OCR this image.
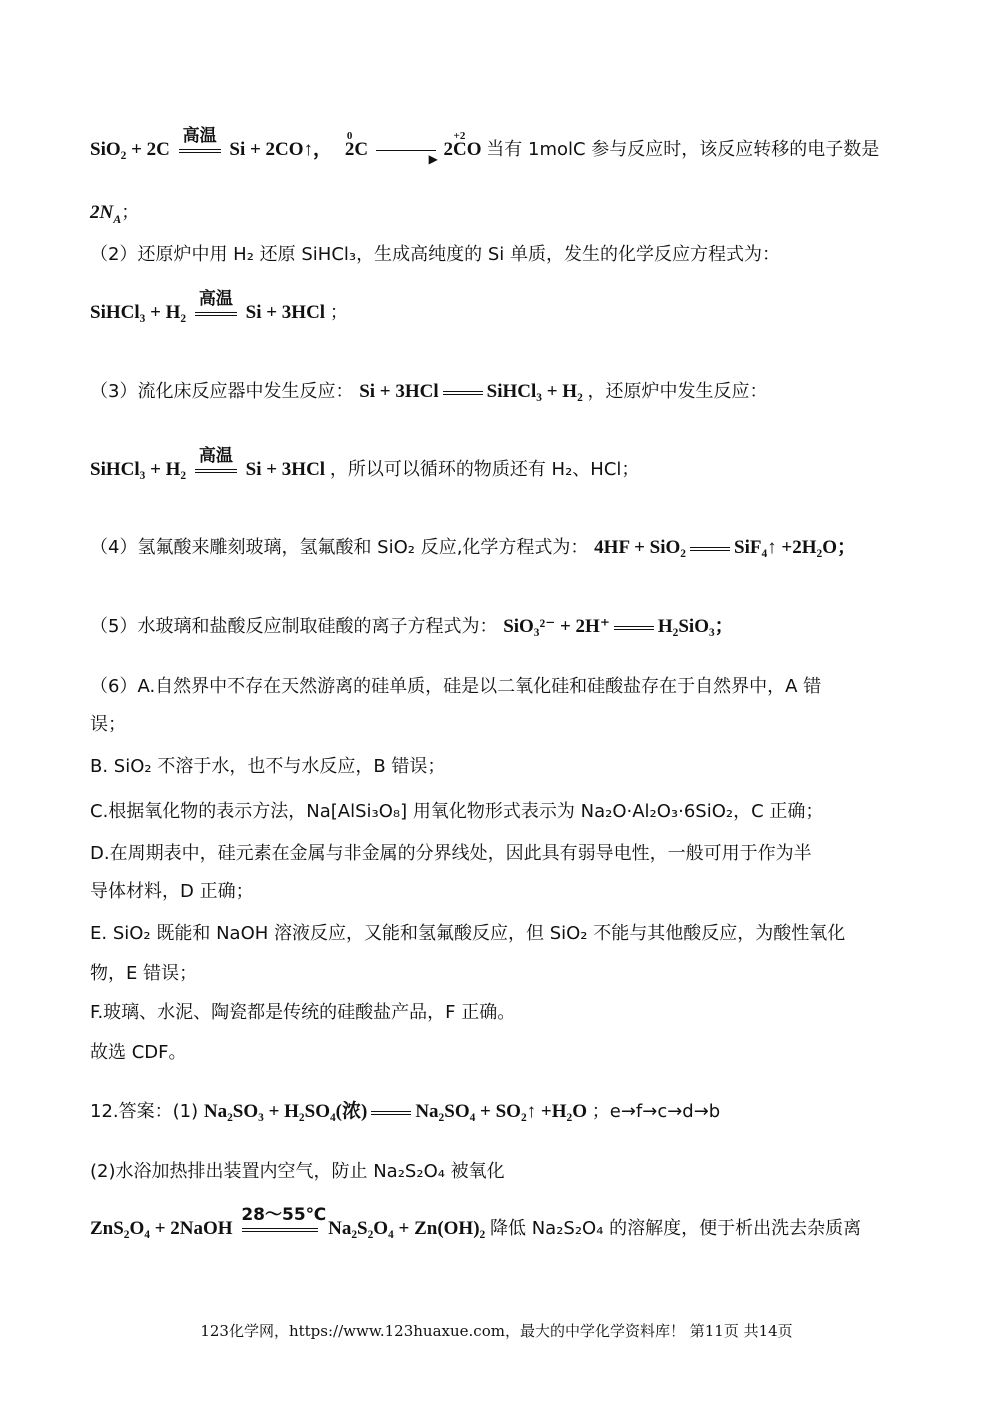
SiO₂ + 2C
高温
Si + 2CO↑，
0
2C	▶

+2
2CO 当有 1molC 参与反应时，该反应转移的电子数是
$2N_A$；
（2）还原炉中用 H₂ 还原 SiHCl₃，生成高纯度的 Si 单质，发生的化学反应方程式为：
SiHCl₃ + H₂
高温
Si + 3HCl ；
（3）流化床反应器中发生反应： Si + 3HCl	SiHCl₃ + H₂ ，还原炉中发生反应：
SiHCl₃ + H₂
高温
Si + 3HCl ，所以可以循环的物质还有 H₂、HCl；
（4）氢氟酸来雕刻玻璃，氢氟酸和 SiO₂ 反应,化学方程式为： 4HF + SiO₂	SiF₄↑ +2H₂O；
（5）水玻璃和盐酸反应制取硅酸的离子方程式为： SiO₃²⁻ + 2H⁺	H₂SiO₃；
（6）A.自然界中不存在天然游离的硅单质，硅是以二氧化硅和硅酸盐存在于自然界中，A 错
误；
B. SiO₂ 不溶于水，也不与水反应，B 错误；
C.根据氧化物的表示方法，Na[AlSi₃O₈] 用氧化物形式表示为 Na₂O·Al₂O₃·6SiO₂，C 正确；
D.在周期表中，硅元素在金属与非金属的分界线处，因此具有弱导电性，一般可用于作为半
导体材料，D 正确；
E. SiO₂ 既能和 NaOH 溶液反应，又能和氢氟酸反应，但 SiO₂ 不能与其他酸反应，为酸性氧化
物，E 错误；
F.玻璃、水泥、陶瓷都是传统的硅酸盐产品，F 正确。
故选 CDF。
12.答案：(1) Na₂SO₃ + H₂SO₄(浓)	Na₂SO₄ + SO₂↑ +H₂O ；e→f→c→d→b
(2)水浴加热排出装置内空气，防止 Na₂S₂O₄ 被氧化
ZnS₂O₄ + 2NaOH
28～55℃
Na₂S₂O₄ + Zn(OH)₂ 降低 Na₂S₂O₄ 的溶解度，便于析出洗去杂质离
123化学网，https://www.123huaxue.com，最大的中学化学资料库！ 第11页 共14页
